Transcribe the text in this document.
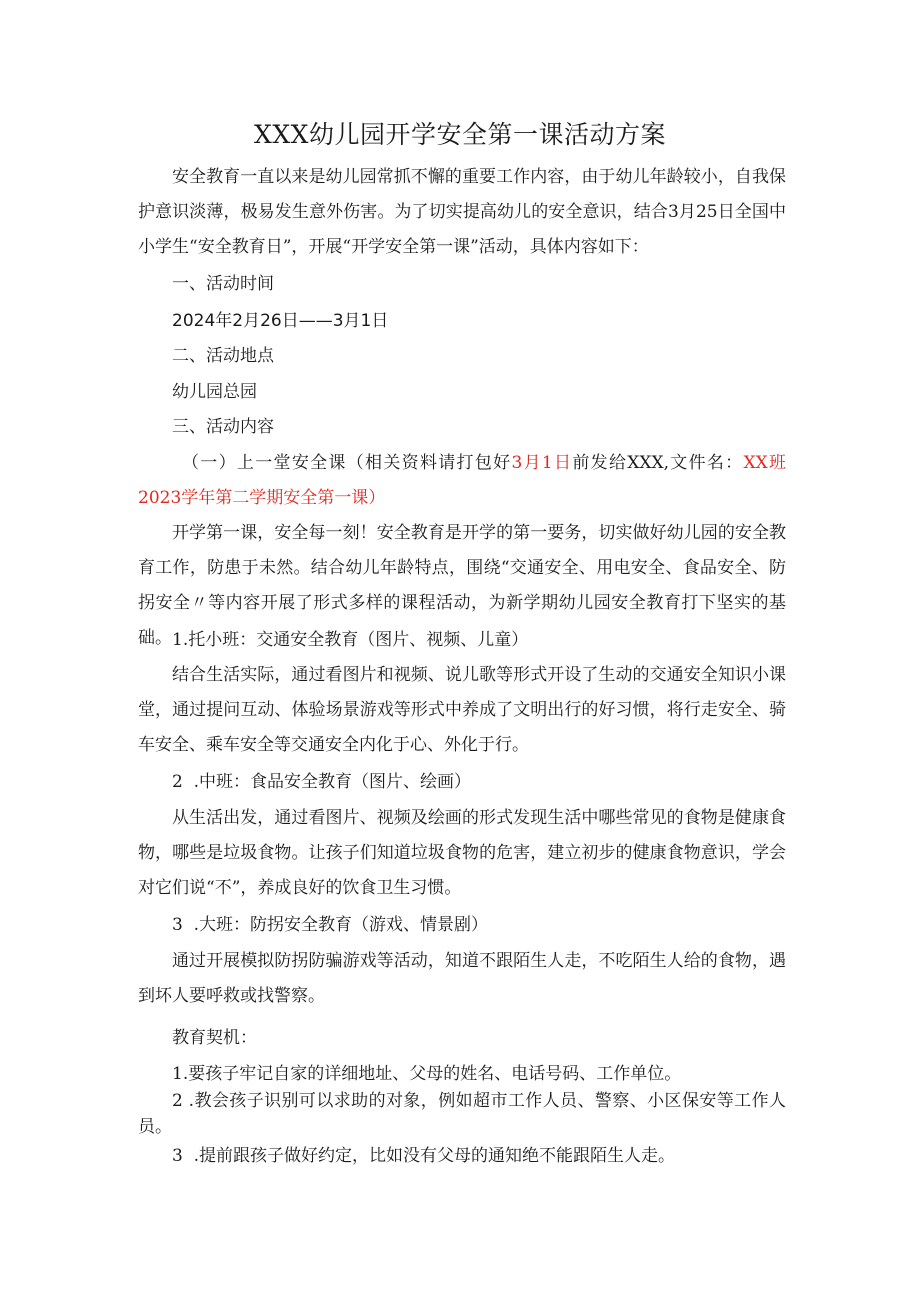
XXX幼儿园开学安全第一课活动方案

安全教育一直以来是幼儿园常抓不懈的重要工作内容，由于幼儿年龄较小，自我保护意识淡薄，极易发生意外伤害。为了切实提高幼儿的安全意识，结合3月25日全国中小学生“安全教育日”，开展“开学安全第一课”活动，具体内容如下：

一、活动时间

2024年2月26日——3月1日

二、活动地点

幼儿园总园

三、活动内容

（一）上一堂安全课（相关资料请打包好3月1日前发给XXX,文件名：XX班2023学年第二学期安全第一课）

开学第一课，安全每一刻！安全教育是开学的第一要务，切实做好幼儿园的安全教育工作，防患于未然。结合幼儿年龄特点，围绕“交通安全、用电安全、食品安全、防拐安全〃等内容开展了形式多样的课程活动，为新学期幼儿园安全教育打下坚实的基础。 1.托小班：交通安全教育（图片、视频、儿童）

结合生活实际，通过看图片和视频、说儿歌等形式开设了生动的交通安全知识小课堂，通过提问互动、体验场景游戏等形式中养成了文明出行的好习惯，将行走安全、骑车安全、乘车安全等交通安全内化于心、外化于行。

2 .中班：食品安全教育（图片、绘画）

从生活出发，通过看图片、视频及绘画的形式发现生活中哪些常见的食物是健康食物，哪些是垃圾食物。让孩子们知道垃圾食物的危害，建立初步的健康食物意识，学会对它们说“不”，养成良好的饮食卫生习惯。

3 .大班：防拐安全教育（游戏、情景剧）

通过开展模拟防拐防骗游戏等活动，知道不跟陌生人走，不吃陌生人给的食物，遇到坏人要呼救或找警察。

教育契机：

1.要孩子牢记自家的详细地址、父母的姓名、电话号码、工作单位。

2 .教会孩子识别可以求助的对象，例如超市工作人员、警察、小区保安等工作人员。

3 .提前跟孩子做好约定，比如没有父母的通知绝不能跟陌生人走。
